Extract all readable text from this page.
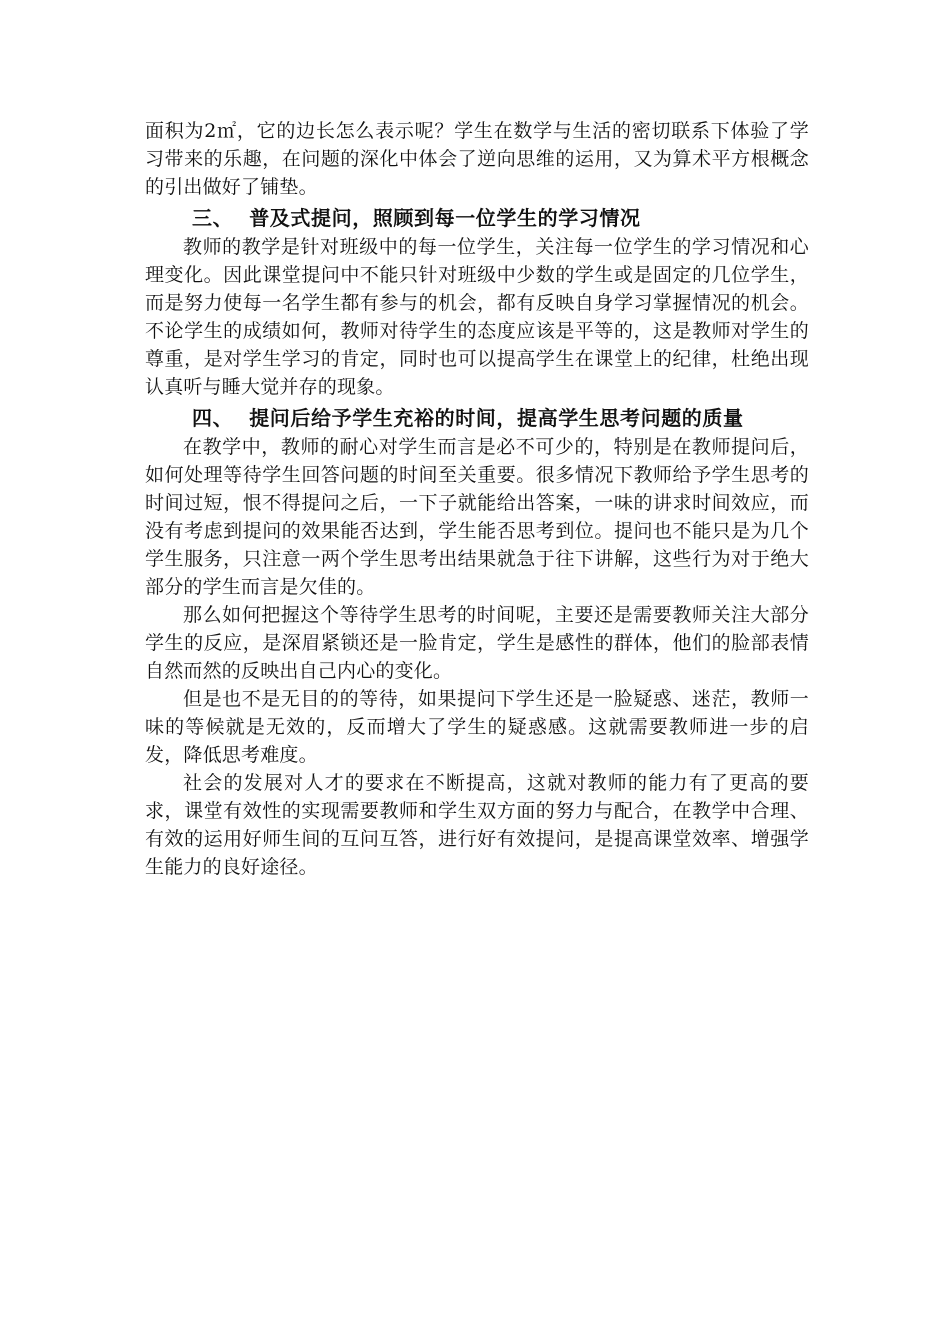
面积为2㎡，它的边长怎么表示呢？学生在数学与生活的密切联系下体验了学习带来的乐趣，在问题的深化中体会了逆向思维的运用，又为算术平方根概念的引出做好了铺垫。

三、 普及式提问，照顾到每一位学生的学习情况

教师的教学是针对班级中的每一位学生，关注每一位学生的学习情况和心理变化。因此课堂提问中不能只针对班级中少数的学生或是固定的几位学生，而是努力使每一名学生都有参与的机会，都有反映自身学习掌握情况的机会。不论学生的成绩如何，教师对待学生的态度应该是平等的，这是教师对学生的尊重，是对学生学习的肯定，同时也可以提高学生在课堂上的纪律，杜绝出现认真听与睡大觉并存的现象。

四、 提问后给予学生充裕的时间，提高学生思考问题的质量

在教学中，教师的耐心对学生而言是必不可少的，特别是在教师提问后，如何处理等待学生回答问题的时间至关重要。很多情况下教师给予学生思考的时间过短，恨不得提问之后，一下子就能给出答案，一味的讲求时间效应，而没有考虑到提问的效果能否达到，学生能否思考到位。提问也不能只是为几个学生服务，只注意一两个学生思考出结果就急于往下讲解，这些行为对于绝大部分的学生而言是欠佳的。

那么如何把握这个等待学生思考的时间呢，主要还是需要教师关注大部分学生的反应，是深眉紧锁还是一脸肯定，学生是感性的群体，他们的脸部表情自然而然的反映出自己内心的变化。

但是也不是无目的的等待，如果提问下学生还是一脸疑惑、迷茫，教师一味的等候就是无效的，反而增大了学生的疑惑感。这就需要教师进一步的启发，降低思考难度。

社会的发展对人才的要求在不断提高，这就对教师的能力有了更高的要求，课堂有效性的实现需要教师和学生双方面的努力与配合，在教学中合理、有效的运用好师生间的互问互答，进行好有效提问，是提高课堂效率、增强学生能力的良好途径。
